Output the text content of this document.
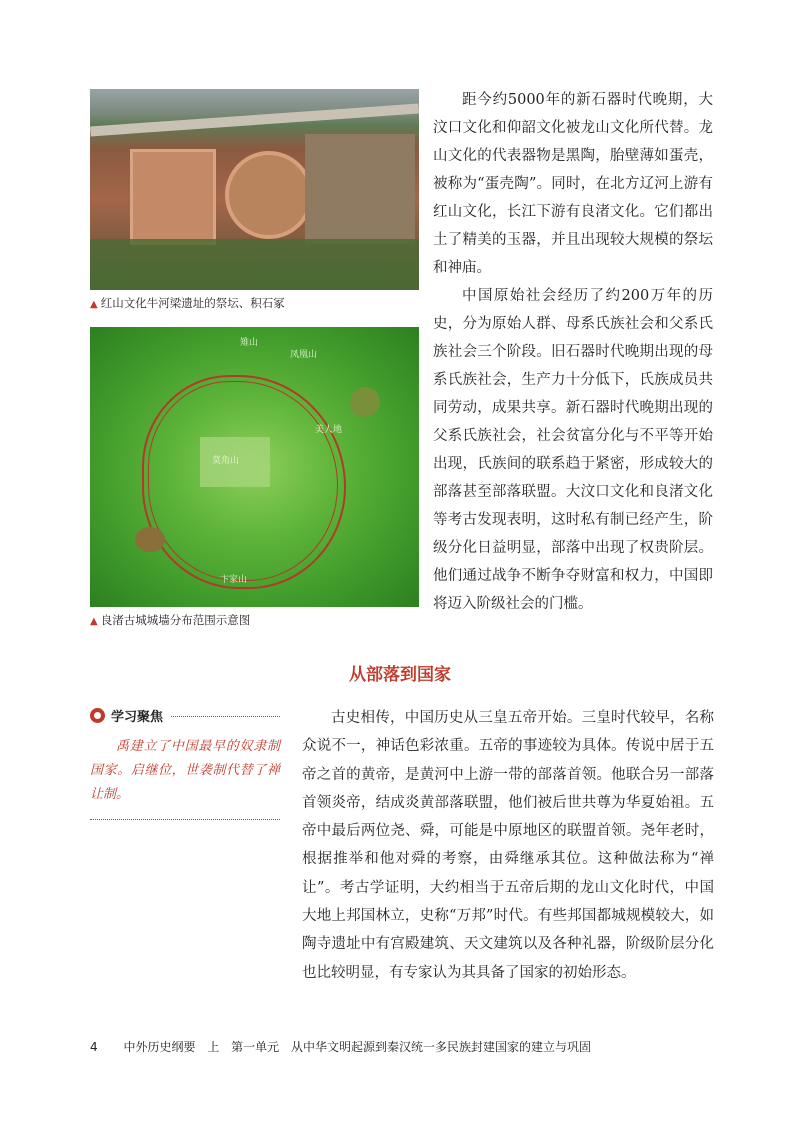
▲ 红山文化牛河梁遗址的祭坛、积石冢
雉山
凤凰山
莫角山
美人地
卞家山
▲ 良渚古城城墙分布范围示意图

距今约5000年的新石器时代晚期，大汶口文化和仰韶文化被龙山文化所代替。龙山文化的代表器物是黑陶，胎壁薄如蛋壳，被称为“蛋壳陶”。同时，在北方辽河上游有红山文化，长江下游有良渚文化。它们都出土了精美的玉器，并且出现较大规模的祭坛和神庙。

中国原始社会经历了约200万年的历史，分为原始人群、母系氏族社会和父系氏族社会三个阶段。旧石器时代晚期出现的母系氏族社会，生产力十分低下，氏族成员共同劳动，成果共享。新石器时代晚期出现的父系氏族社会，社会贫富分化与不平等开始出现，氏族间的联系趋于紧密，形成较大的部落甚至部落联盟。大汶口文化和良渚文化等考古发现表明，这时私有制已经产生，阶级分化日益明显，部落中出现了权贵阶层。他们通过战争不断争夺财富和权力，中国即将迈入阶级社会的门槛。

从部落到国家
学习聚焦
禹建立了中国最早的奴隶制国家。启继位，世袭制代替了禅让制。

古史相传，中国历史从三皇五帝开始。三皇时代较早，名称众说不一，神话色彩浓重。五帝的事迹较为具体。传说中居于五帝之首的黄帝，是黄河中上游一带的部落首领。他联合另一部落首领炎帝，结成炎黄部落联盟，他们被后世共尊为华夏始祖。五帝中最后两位尧、舜，可能是中原地区的联盟首领。尧年老时，根据推举和他对舜的考察，由舜继承其位。这种做法称为“禅让”。考古学证明，大约相当于五帝后期的龙山文化时代，中国大地上邦国林立，史称“万邦”时代。有些邦国都城规模较大，如陶寺遗址中有宫殿建筑、天文建筑以及各种礼器，阶级阶层分化也比较明显，有专家认为其具备了国家的初始形态。

4 中外历史纲要 上 第一单元 从中华文明起源到秦汉统一多民族封建国家的建立与巩固
